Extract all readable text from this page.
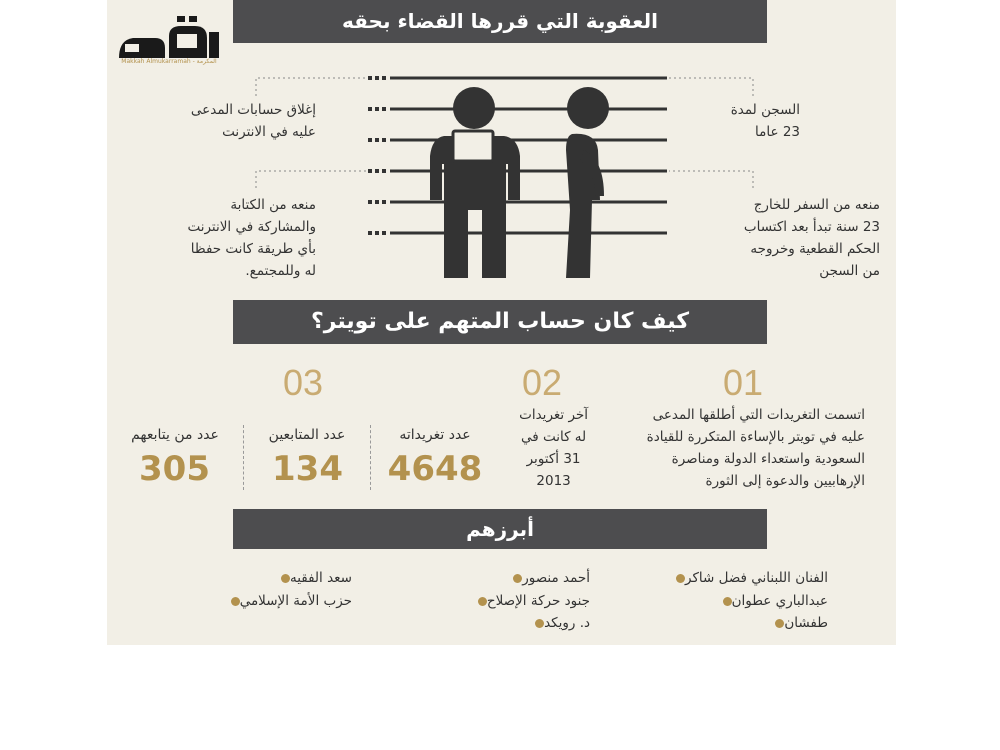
Makkah Almukarramah - المكرمة
العقوبة التي قررها القضاء بحقه
إغلاق حسابات المدعى
عليه في الانترنت
منعه من الكتابة
والمشاركة في الانترنت
بأي طريقة كانت حفظا
له وللمجتمع.
السجن لمدة
23 عاما
منعه من السفر للخارج
23 سنة تبدأ بعد اكتساب
الحكم القطعية وخروجه
من السجن
كيف كان حساب المتهم على تويتر؟
01
02
03
اتسمت التغريدات التي أطلقها المدعى
عليه في تويتر بالإساءة المتكررة للقيادة
السعودية واستعداء الدولة ومناصرة
الإرهابيين والدعوة إلى الثورة
آخر تغريدات
له كانت في
31 أكتوبر
2013
عدد تغريداته
4648
عدد المتابعين
134
عدد من يتابعهم
305
أبرزهم
الفنان اللبناني فضل شاكر
عبدالباري عطوان
طفشان
أحمد منصور
جنود حركة الإصلاح
د. رويكد
سعد الفقيه
حزب الأمة الإسلامي
